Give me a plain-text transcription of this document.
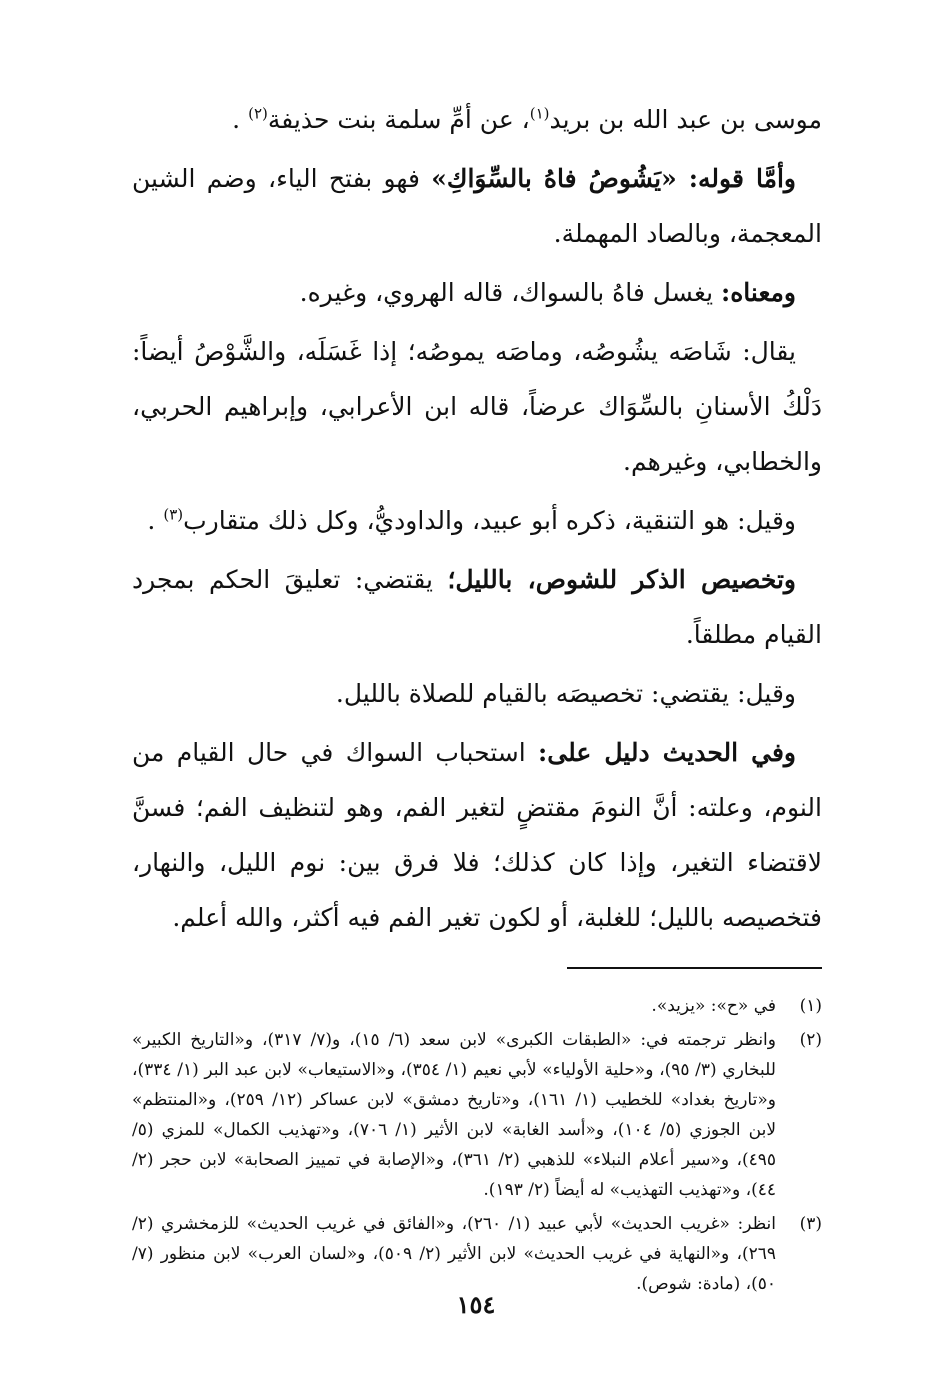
موسى بن عبد الله بن بريد$^{(١)}$، عن أمِّ سلمة بنت حذيفة$^{(٢)}$ .

وأمَّا قوله: «يَشُوصُ فاهُ بالسِّوَاكِ» فهو بفتح الياء، وضم الشين المعجمة، وبالصاد المهملة.

ومعناه: يغسل فاهُ بالسواك، قاله الهروي، وغيره.

يقال: شَاصَه يشُوصُه، وماصَه يموصُه؛ إذا غَسَلَه، والشَّوْصُ أيضاً: دَلْكُ الأسنانِ بالسِّوَاك عرضاً، قاله ابن الأعرابي، وإبراهيم الحربي، والخطابي، وغيرهم.

وقيل: هو التنقية، ذكره أبو عبيد، والداوديُّ، وكل ذلك متقارب$^{(٣)}$ .

وتخصيص الذكر للشوص، بالليل؛ يقتضي: تعليقَ الحكم بمجرد القيام مطلقاً.

وقيل: يقتضي: تخصيصَه بالقيام للصلاة بالليل.

وفي الحديث دليل على: استحباب السواك في حال القيام من النوم، وعلته: أنَّ النومَ مقتضٍ لتغير الفم، وهو لتنظيف الفم؛ فسنَّ لاقتضاء التغير، وإذا كان كذلك؛ فلا فرق بين: نوم الليل، والنهار، فتخصيصه بالليل؛ للغلبة، أو لكون تغير الفم فيه أكثر، والله أعلم.

(١)
في «ح»: «يزيد».
(٢)
وانظر ترجمته في: «الطبقات الكبرى» لابن سعد (٦/ ١٥)، و(٧/ ٣١٧)، و«التاريخ الكبير» للبخاري (٣/ ٩٥)، و«حلية الأولياء» لأبي نعيم (١/ ٣٥٤)، و«الاستيعاب» لابن عبد البر (١/ ٣٣٤)، و«تاريخ بغداد» للخطيب (١/ ١٦١)، و«تاريخ دمشق» لابن عساكر (١٢/ ٢٥٩)، و«المنتظم» لابن الجوزي (٥/ ١٠٤)، و«أسد الغابة» لابن الأثير (١/ ٧٠٦)، و«تهذيب الكمال» للمزي (٥/ ٤٩٥)، و«سير أعلام النبلاء» للذهبي (٢/ ٣٦١)، و«الإصابة في تمييز الصحابة» لابن حجر (٢/ ٤٤)، و«تهذيب التهذيب» له أيضاً (٢/ ١٩٣).
(٣)
انظر: «غريب الحديث» لأبي عبيد (١/ ٢٦٠)، و«الفائق في غريب الحديث» للزمخشري (٢/ ٢٦٩)، و«النهاية في غريب الحديث» لابن الأثير (٢/ ٥٠٩)، و«لسان العرب» لابن منظور (٧/ ٥٠)، (مادة: شوص).
١٥٤
